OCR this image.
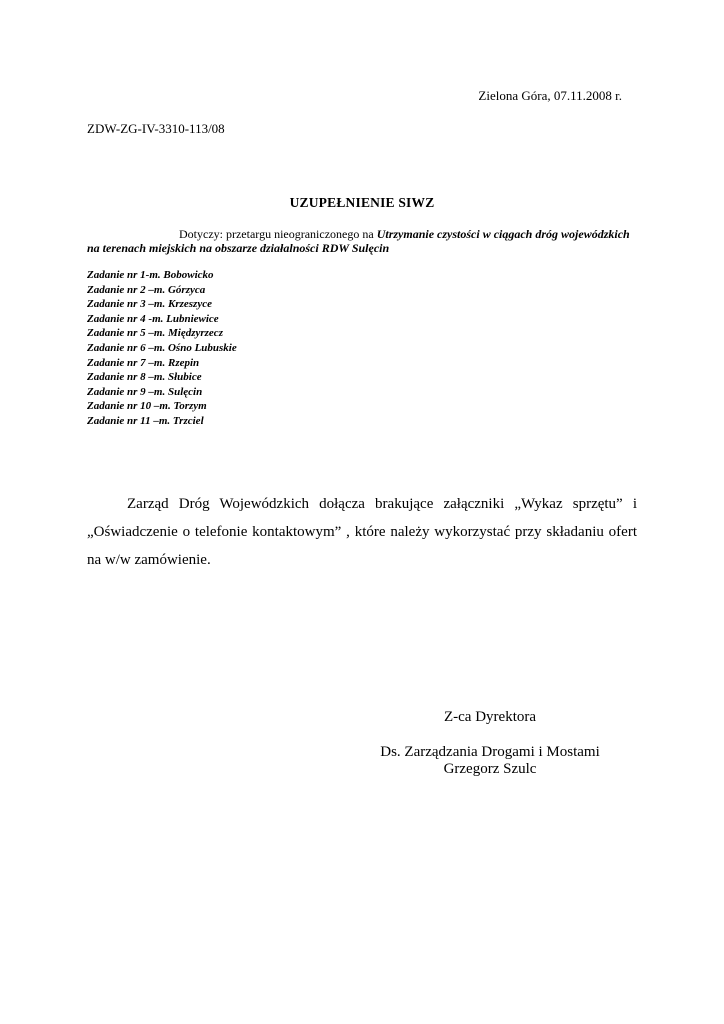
Zielona Góra, 07.11.2008 r.
ZDW-ZG-IV-3310-113/08
UZUPEŁNIENIE SIWZ
Dotyczy: przetargu nieograniczonego na Utrzymanie czystości w ciągach dróg wojewódzkich na terenach miejskich na obszarze działalności RDW Sulęcin
Zadanie nr 1-m. Bobowicko
Zadanie nr 2 –m. Górzyca
Zadanie nr 3 –m. Krzeszyce
Zadanie nr 4 -m. Lubniewice
Zadanie nr 5 –m. Międzyrzecz
Zadanie nr 6 –m. Ośno Lubuskie
Zadanie nr 7 –m. Rzepin
Zadanie nr 8 –m. Słubice
Zadanie nr 9 –m. Sulęcin
Zadanie nr 10 –m. Torzym
Zadanie nr 11 –m. Trzciel

Zarząd Dróg Wojewódzkich dołącza brakujące załączniki „Wykaz sprzętu” i „Oświadczenie o telefonie kontaktowym” , które należy wykorzystać przy składaniu ofert na w/w zamówienie.

Z-ca Dyrektora
Ds. Zarządzania Drogami i Mostami
Grzegorz Szulc
